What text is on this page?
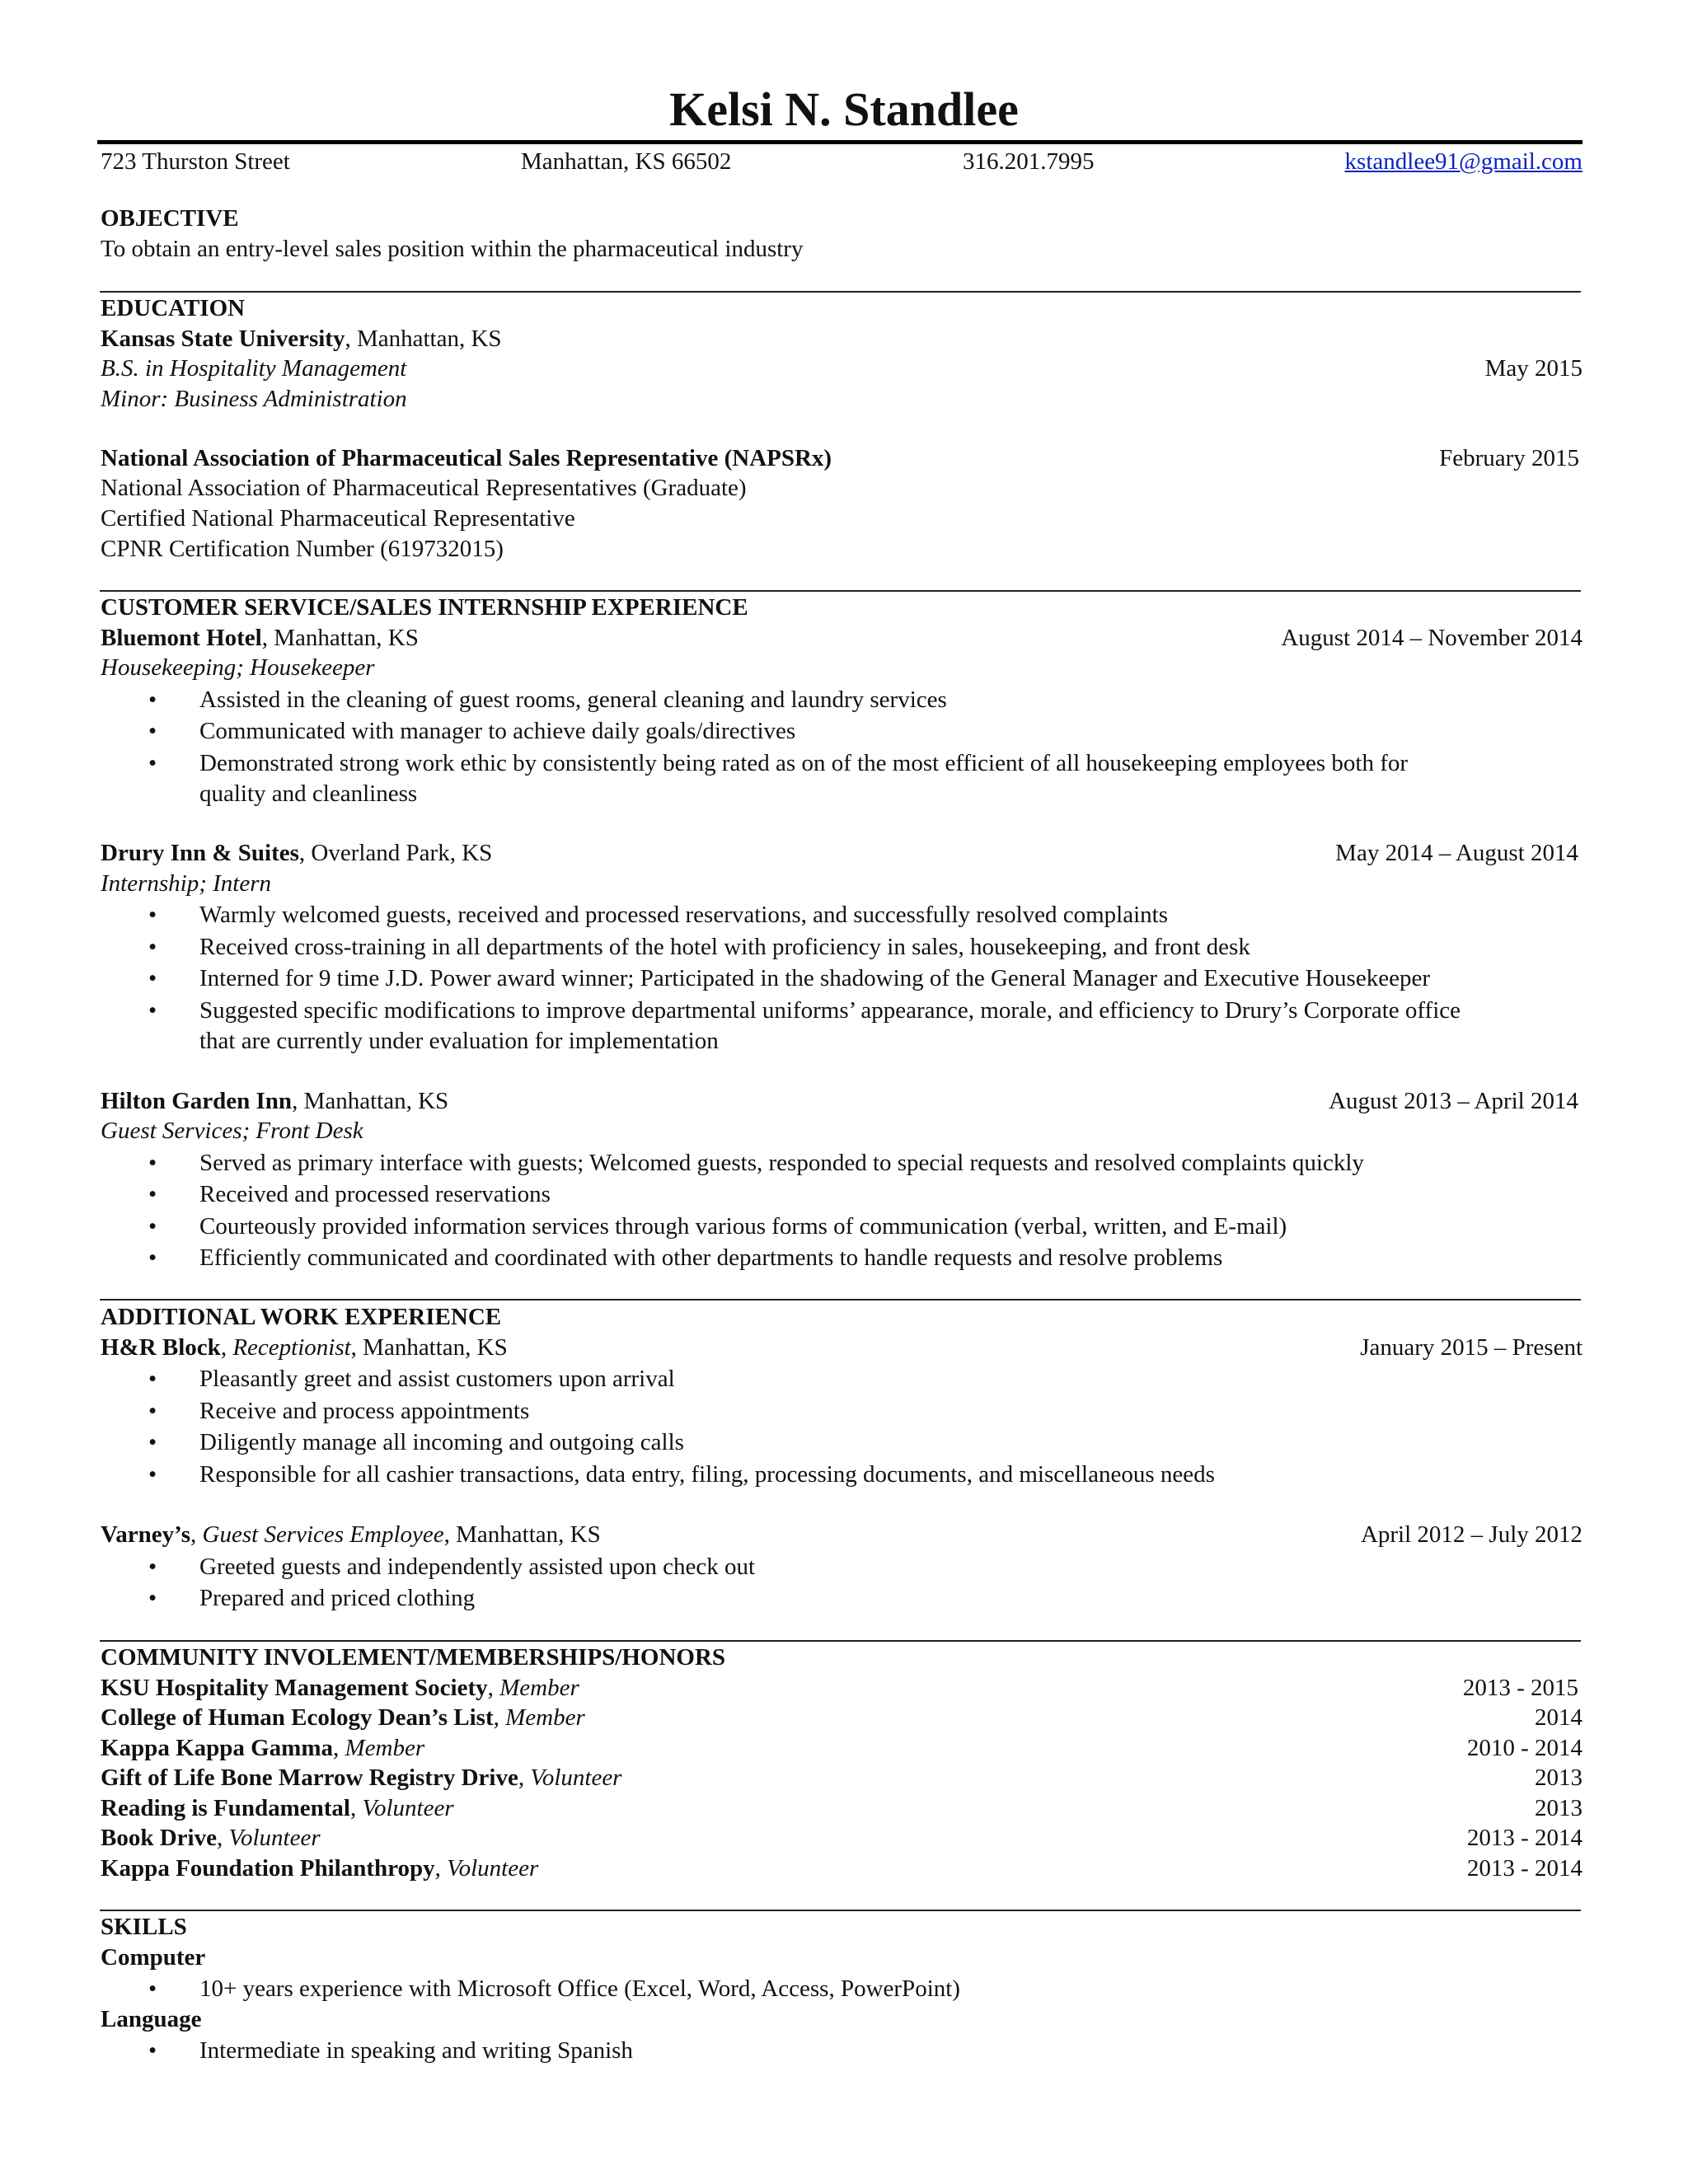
Kelsi N. Standlee
723 Thurston Street	Manhattan, KS 66502	316.201.7995	kstandlee91@gmail.com
OBJECTIVE
To obtain an entry-level sales position within the pharmaceutical industry
EDUCATION
Kansas State University, Manhattan, KS
B.S. in Hospitality Management	May 2015
Minor: Business Administration
National Association of Pharmaceutical Sales Representative (NAPSRx)	February 2015
National Association of Pharmaceutical Representatives (Graduate)
Certified National Pharmaceutical Representative
CPNR Certification Number (619732015)
CUSTOMER SERVICE/SALES INTERNSHIP EXPERIENCE
Bluemont Hotel, Manhattan, KS	August 2014 – November 2014
Housekeeping; Housekeeper
• Assisted in the cleaning of guest rooms, general cleaning and laundry services
• Communicated with manager to achieve daily goals/directives
• Demonstrated strong work ethic by consistently being rated as on of the most efficient of all housekeeping employees both for
quality and cleanliness
Drury Inn & Suites, Overland Park, KS	May 2014 – August 2014
Internship; Intern
• Warmly welcomed guests, received and processed reservations, and successfully resolved complaints
• Received cross-training in all departments of the hotel with proficiency in sales, housekeeping, and front desk
• Interned for 9 time J.D. Power award winner; Participated in the shadowing of the General Manager and Executive Housekeeper
• Suggested specific modifications to improve departmental uniforms’ appearance, morale, and efficiency to Drury’s Corporate office
that are currently under evaluation for implementation
Hilton Garden Inn, Manhattan, KS	August 2013 – April 2014
Guest Services; Front Desk
• Served as primary interface with guests; Welcomed guests, responded to special requests and resolved complaints quickly
• Received and processed reservations
• Courteously provided information services through various forms of communication (verbal, written, and E-mail)
• Efficiently communicated and coordinated with other departments to handle requests and resolve problems
ADDITIONAL WORK EXPERIENCE
H&R Block, Receptionist, Manhattan, KS	January 2015 – Present
• Pleasantly greet and assist customers upon arrival
• Receive and process appointments
• Diligently manage all incoming and outgoing calls
• Responsible for all cashier transactions, data entry, filing, processing documents, and miscellaneous needs
Varney’s, Guest Services Employee, Manhattan, KS	April 2012 – July 2012
• Greeted guests and independently assisted upon check out
• Prepared and priced clothing
COMMUNITY INVOLEMENT/MEMBERSHIPS/HONORS
KSU Hospitality Management Society, Member	2013 - 2015
College of Human Ecology Dean’s List, Member	2014
Kappa Kappa Gamma, Member	2010 - 2014
Gift of Life Bone Marrow Registry Drive, Volunteer	2013
Reading is Fundamental, Volunteer	2013
Book Drive, Volunteer	2013 - 2014
Kappa Foundation Philanthropy, Volunteer	2013 - 2014
SKILLS
Computer
• 10+ years experience with Microsoft Office (Excel, Word, Access, PowerPoint)
Language
• Intermediate in speaking and writing Spanish
